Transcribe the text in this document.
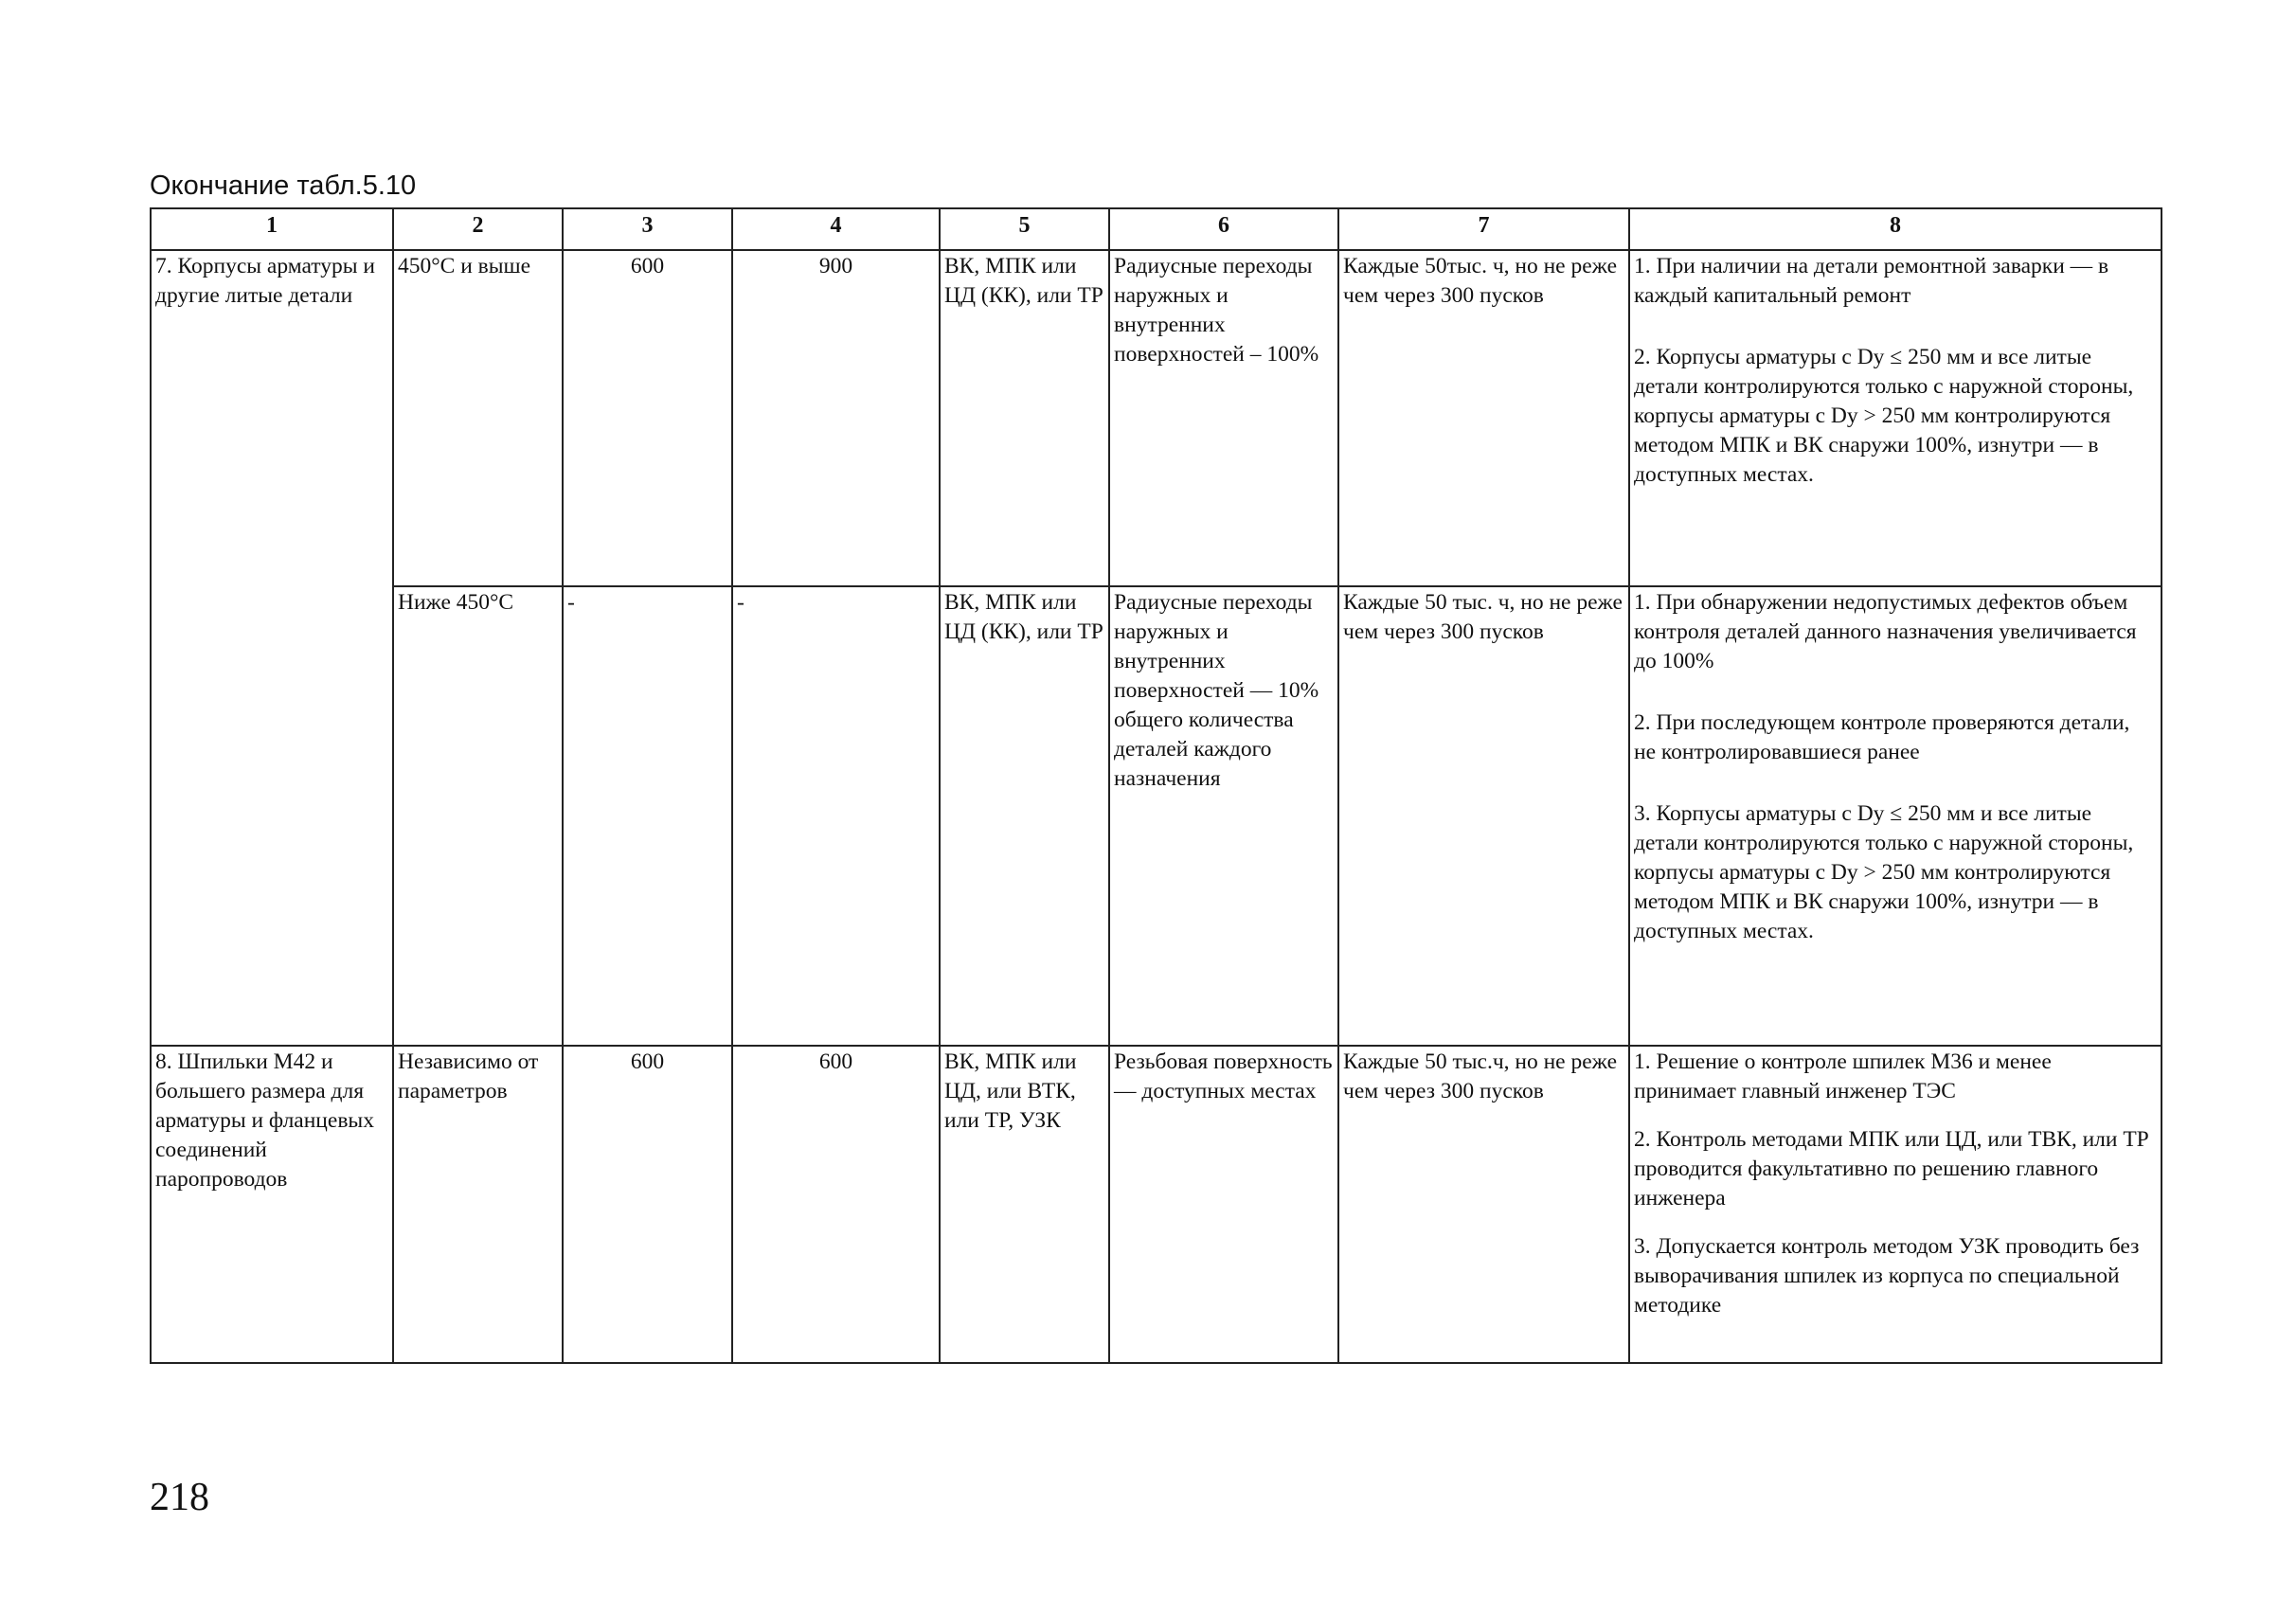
Окончание табл.5.10
1	2	3	4	5	6	7	8
7. Корпусы арматуры и другие литые детали	450°С и выше	600	900	ВК, МПК или ЦД (КК), или ТР	Радиусные переходы наружных и внутренних поверхностей – 100%	Каждые 50тыс. ч, но не реже чем через 300 пусков	1. При наличии на детали ремонтной заварки — в каждый капитальный ремонт
2. Корпусы арматуры с Dy ≤ 250 мм и все литые детали контролируются только с наружной стороны, корпусы арматуры с Dy > 250 мм контролируются методом МПК и ВК снаружи 100%, изнутри — в доступных местах.

	Ниже 450°С	-	-	ВК, МПК или ЦД (КК), или ТР	Радиусные переходы наружных и внутренних поверхностей — 10% общего количества деталей каждого назначения	Каждые 50 тыс. ч, но не реже чем через 300 пусков	1. При обнаружении недопустимых дефектов объем контроля деталей данного назначения увеличивается до 100%
2. При последующем контроле проверяются детали, не контролировавшиеся ранее
3. Корпусы арматуры с Dy ≤ 250 мм и все литые детали контролируются только с наружной стороны, корпусы арматуры с Dy > 250 мм контролируются методом МПК и ВК снаружи 100%, изнутри — в доступных местах.

8. Шпильки М42 и большего размера для арматуры и фланцевых соединений паропроводов	Независимо от параметров	600	600	ВК, МПК или ЦД, или ВТК, или ТР, УЗК	Резьбовая поверхность — доступных местах	Каждые 50 тыс.ч, но не реже чем через 300 пусков	1. Решение о контроле шпилек М36 и менее принимает главный инженер ТЭС
2. Контроль методами МПК или ЦД, или ТВК, или ТР проводится факультативно по решению главного инженера
3. Допускается контроль методом УЗК проводить без выворачивания шпилек из корпуса по специальной методике
218
